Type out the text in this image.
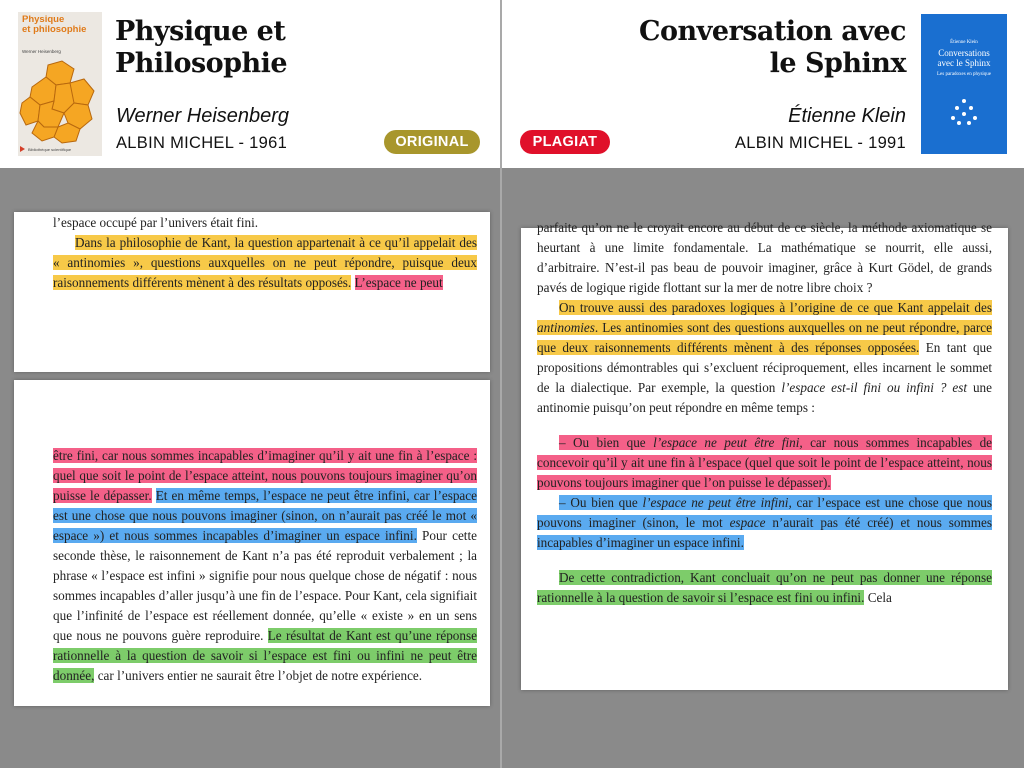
Physique
et philosophie
Werner Heisenberg
Bibliothèque scientifique
Physique et
Philosophie
Werner Heisenberg
ALBIN MICHEL - 1961	ORIGINAL	PLAGIAT
Conversation avec
le Sphinx
Étienne Klein
ALBIN MICHEL - 1991
Étienne Klein
Conversations
avec le Sphinx
Les paradoxes en physique

l’espace occupé par l’univers était fini.

Dans la philosophie de Kant, la question appartenait à ce qu’il appelait des « antinomies », questions auxquelles on ne peut répondre, puisque deux raisonnements différents mènent à des résultats opposés. L’espace ne peut

être fini, car nous sommes incapables d’imaginer qu’il y ait une fin à l’espace : quel que soit le point de l’espace atteint, nous pouvons toujours imaginer qu’on puisse le dépasser. Et en même temps, l’espace ne peut être infini, car l’espace est une chose que nous pouvons imaginer (sinon, on n’aurait pas créé le mot « espace ») et nous sommes incapables d’imaginer un espace infini. Pour cette seconde thèse, le raisonnement de Kant n’a pas été reproduit verbalement ; la phrase « l’espace est infini » signifie pour nous quelque chose de négatif : nous sommes incapables d’aller jusqu’à une fin de l’espace. Pour Kant, cela signifiait que l’infinité de l’espace est réellement donnée, qu’elle « existe » en un sens que nous ne pouvons guère reproduire. Le résultat de Kant est qu’une réponse rationnelle à la question de savoir si l’espace est fini ou infini ne peut être donnée, car l’univers entier ne saurait être l’objet de notre expérience.

parfaite qu’on ne le croyait encore au début de ce siècle, la méthode axiomatique se heurtant à une limite fondamentale. La mathématique se nourrit, elle aussi, d’arbitraire. N’est-il pas beau de pouvoir imaginer, grâce à Kurt Gödel, de grands pavés de logique rigide flottant sur la mer de notre libre choix ?

On trouve aussi des paradoxes logiques à l’origine de ce que Kant appelait des antinomies. Les antinomies sont des questions auxquelles on ne peut répondre, parce que deux raisonnements différents mènent à des réponses opposées. En tant que propositions démontrables qui s’excluent réciproquement, elles incarnent le sommet de la dialectique. Par exemple, la question l’espace est-il fini ou infini ? est une antinomie puisqu’on peut répondre en même temps :

– Ou bien que l’espace ne peut être fini, car nous sommes incapables de concevoir qu’il y ait une fin à l’espace (quel que soit le point de l’espace atteint, nous pouvons toujours imaginer que l’on puisse le dépasser).

– Ou bien que l’espace ne peut être infini, car l’espace est une chose que nous pouvons imaginer (sinon, le mot espace n’aurait pas été créé) et nous sommes incapables d’imaginer un espace infini.

De cette contradiction, Kant concluait qu’on ne peut pas donner une réponse rationnelle à la question de savoir si l’espace est fini ou infini. Cela
